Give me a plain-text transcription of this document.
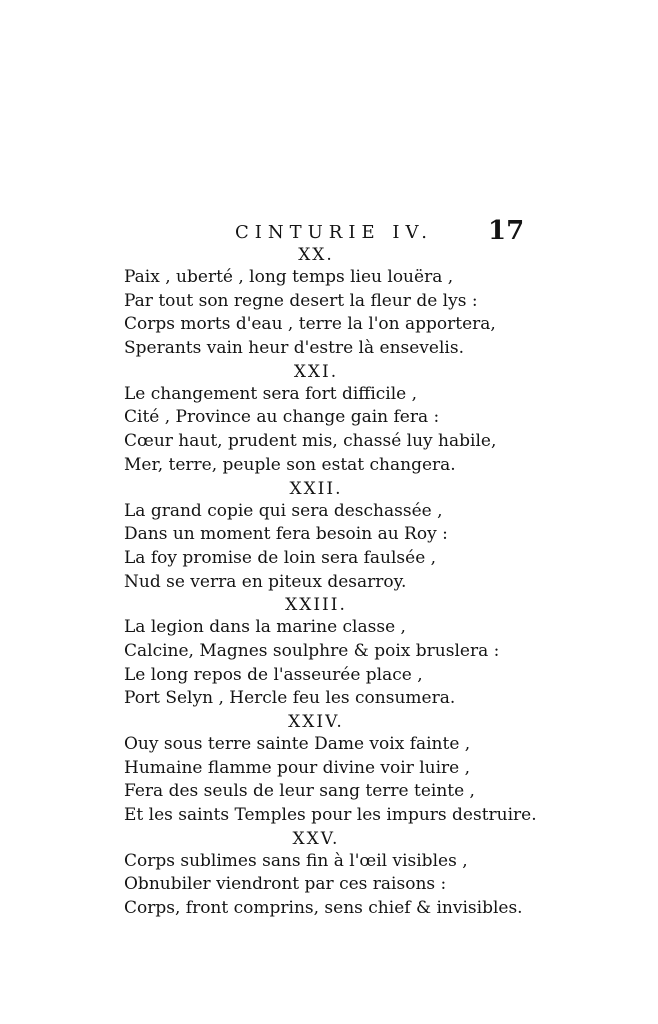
CINTURIE IV. 17
XX.
Paix , uberté , long temps lieu louëra ,
Par tout son regne desert la fleur de lys :
Corps morts d'eau , terre la l'on apportera,
Sperants vain heur d'estre là ensevelis.
XXI.
Le changement sera fort difficile ,
Cité , Province au change gain fera :
Cœur haut, prudent mis, chassé luy habile,
Mer, terre, peuple son estat changera.
XXII.
La grand copie qui sera deschassée ,
Dans un moment fera besoin au Roy :
La foy promise de loin sera faulsée ,
Nud se verra en piteux desarroy.
XXIII.
La legion dans la marine classe ,
Calcine, Magnes soulphre & poix bruslera :
Le long repos de l'asseurée place ,
Port Selyn , Hercle feu les consumera.
XXIV.
Ouy sous terre sainte Dame voix fainte ,
Humaine flamme pour divine voir luire ,
Fera des seuls de leur sang terre teinte ,
Et les saints Temples pour les impurs destruire.
XXV.
Corps sublimes sans fin à l'œil visibles ,
Obnubiler viendront par ces raisons :
Corps, front comprins, sens chief & invisibles.
